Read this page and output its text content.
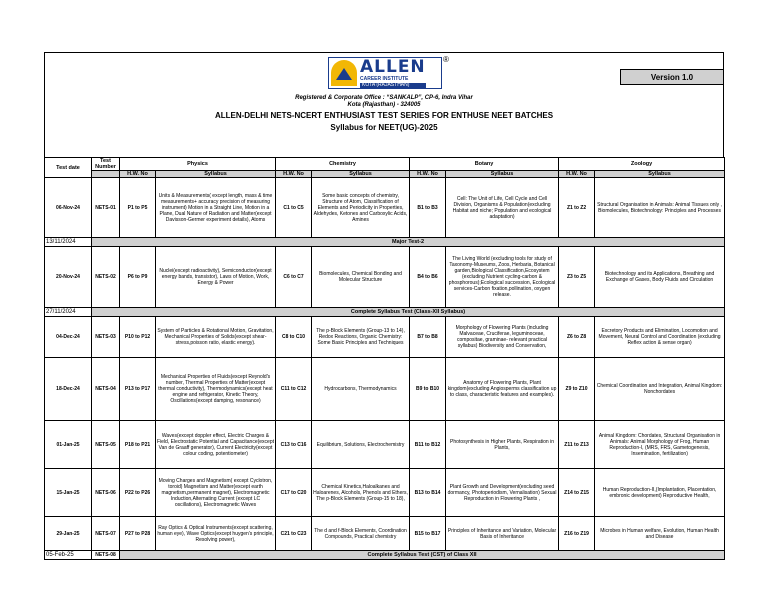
ALLEN
CAREER INSTITUTE
KOTA (RAJASTHAN)
®
Version 1.0
Registered & Corporate Office : “SANKALP”, CP-6, Indra Vihar
Kota (Rajasthan) - 324005
ALLEN-DELHI NETS-NCERT ENTHUSIAST TEST SERIES FOR ENTHUSE NEET BATCHES
Syllabus for NEET(UG)-2025
Test date	Test Number	Physics		Chemistry		Botany		Zoology	
		H.W. No	Syllabus	H.W. No	Syllabus	H.W. No	Syllabus	H.W. No	Syllabus
06-Nov-24	NETS-01	P1 to P5	Units & Measurements( except length, mass & time measurements+ accuracy precision of measuring instrument) Motion in a Straight Line, Motion in a Plane, Dual Nature of Radiation and Matter(except Davisson-Germer experiment details), Atoms	C1 to C5	Some basic concepts of chemistry, Structure of Atom, Classification of Elements and Periodicity in Properties, Aldehydes, Ketones and Carboxylic Acids, Amines	B1 to B3	Cell: The Unit of Life, Cell Cycle and Cell Division, Organisms & Population(excluding Habitat and niche; Population and ecological adaptation)	Z1 to Z2	Structural Organisation in Animals: Animal Tissues only , Biomolecules, Biotechnology: Principles and Processes
13/11/2024	Major Test-2								
20-Nov-24	NETS-02	P6 to P9	Nuclei(except radioactivity), Semiconductor(except energy bands, transistor), Laws of Motion, Work, Energy & Power	C6 to C7	Biomolecules, Chemical Bonding and Molecular Structure	B4 to B6	The Living World (excluding tools for study of Taxonomy-Museums, Zoos, Herbaria, Botanical garden,Biological Classification,Ecosystem (excluding Nutrient cycling-carbon & phosphorous);Ecological succession, Ecological services-Carbon fixation,pollination, oxygen release.	Z3 to Z5	Biotechnology and its Applications, Breathing and Exchange of Gases, Body Fluids and Circulation
27/11/2024	Complete Syllabus Test (Class-XII Syllabus)								
04-Dec-24	NETS-03	P10 to P12	System of Particles & Rotational Motion, Gravitation, Mechanical Properties of Solids(except shear-stress,poisson ratio, elastic energy).	C8 to C10	The p-Block Elements (Group-13 to 14), Redox Reactions, Organic Chemistry: Some Basic Principles and Techniques	B7 to B8	Morphology of Flowering Plants (including Malvaceae, Cruciferae, leguminoceae, compositae, graminae- relevant practical syllabus) Biodiversity and Conservation,	Z6 to Z8	Excretory Products and Elimination, Locomotion and Movement, Neural Control and Coordination (excluding Reflex action & sense organ)
18-Dec-24	NETS-04	P13 to P17	Mechanical Properties of Fluids(except Reynold's number, Thermal Properties of Matter(except thermal conductivity), Thermodynamics(except heat engine and refrigerator, Kinetic Theory, Oscillations(except damping, resonance)	C11 to C12	Hydrocarbons, Thermodynamics	B9 to B10	Anatomy of Flowering Plants, Plant kingdom(excluding Angiosperms classification up to class, characteristic features and examples).	Z9 to Z10	Chemical Coordination and Integration, Animal Kingdom: Nonchordates
01-Jan-25	NETS-05	P18 to P21	Waves(except doppler effect, Electric Charges & Field, Electrostatic Potential and Capacitance(except Van de Graaff generator), Current Electricity(except colour coding, potentiometer)	C13 to C16	Equilibrium, Solutions, Electrochemistry	B11 to B12	Photosynthesis in Higher Plants, Respiration in Plants,	Z11 to Z13	Animal Kingdom: Chordates, Structural Organisation in Animals: Animal Morphology of Frog, Human Reproduction-I, (MRS, FRS, Gametogenesis, Insemination, fertilization)
15-Jan-25	NETS-06	P22 to P26	Moving Charges and Magnetism( except Cyclotron, toroid) Magnetism and Matter(except earth magnetism,permanent magnet), Electromagnetic Induction,Alternating Current (except LC oscillations), Electromagnetic Waves	C17 to C20	Chemical Kinetics,Haloalkanes and Haloarenes, Alcohols, Phenols and Ethers, The p-Block Elements (Group-15 to 18),	B13 to B14	Plant Growth and Development(excluding seed dormancy, Photoperiodism, Vernalisation) Sexual Reproduction in Flowering Plants ,	Z14 to Z15	Human Reproduction-II,(Implantation, Placentation, embronic development) Reproductive Health,
29-Jan-25	NETS-07	P27 to P28	Ray Optics & Optical Instruments(except scattering, human eye), Wave Optics(except huygen's principle, Resolving power),	C21 to C23	The d and f-Block Elements, Coordination Compounds, Practical chemistry	B15 to B17	Principles of Inheritance and Variation, Molecular Basis of Inheritance	Z16 to Z19	Microbes in Human welfare, Evolution, Human Health and Disease
05-Feb-25	NETS-08	Complete Syllabus Test (CST) of Class XII							
